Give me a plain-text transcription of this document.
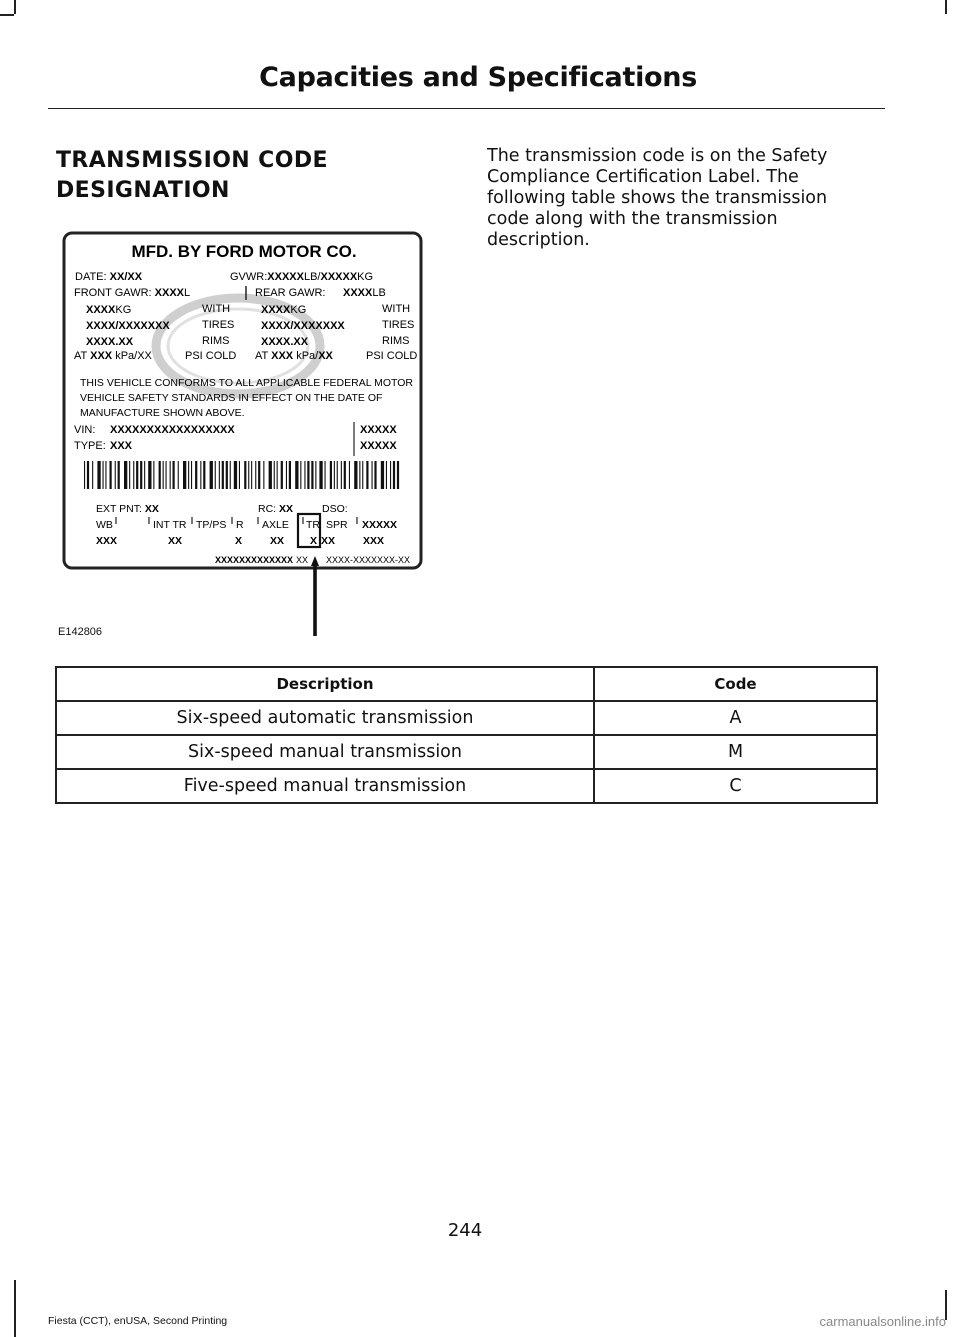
Capacities and Specifications
TRANSMISSION CODE
DESIGNATION
The transmission code is on the Safety Compliance Certification Label. The following table shows the transmission code along with the transmission description.
MFD. BY FORD MOTOR CO.
DATE: XX/XX	GVWR:XXXXXLB/XXXXXKG
FRONT GAWR: XXXXL	REAR GAWR: XXXXLB
XXXXKG
XXXX/XXXXXXX
XXXX.XX
WITH
TIRES
RIMS
XXXXKG
XXXX/XXXXXXX
XXXX.XX
WITH
TIRES
RIMS
AT XXX kPa/XX	PSI COLD AT XXX kPa/XX	PSI COLD
THIS VEHICLE CONFORMS TO ALL APPLICABLE FEDERAL MOTOR
VEHICLE SAFETY STANDARDS IN EFFECT ON THE DATE OF
MANUFACTURE SHOWN ABOVE.
VIN: XXXXXXXXXXXXXXXXX
TYPE: XXX
XXXXX
XXXXX
EXT PNT: XX	RC: XX	DSO:
WB	INT TR TP/PS R AXLE TR SPR XXXXX
XXX	XX	X	XX X XX	XXX
XXXXXXXXXXXXX XX XXXX-XXXXXXX-XX
E142806
Description	Code
Six-speed automatic transmission	A
Six-speed manual transmission	M
Five-speed manual transmission	C
244
Fiesta (CCT), enUSA, Second Printing	carmanualsonline.info
